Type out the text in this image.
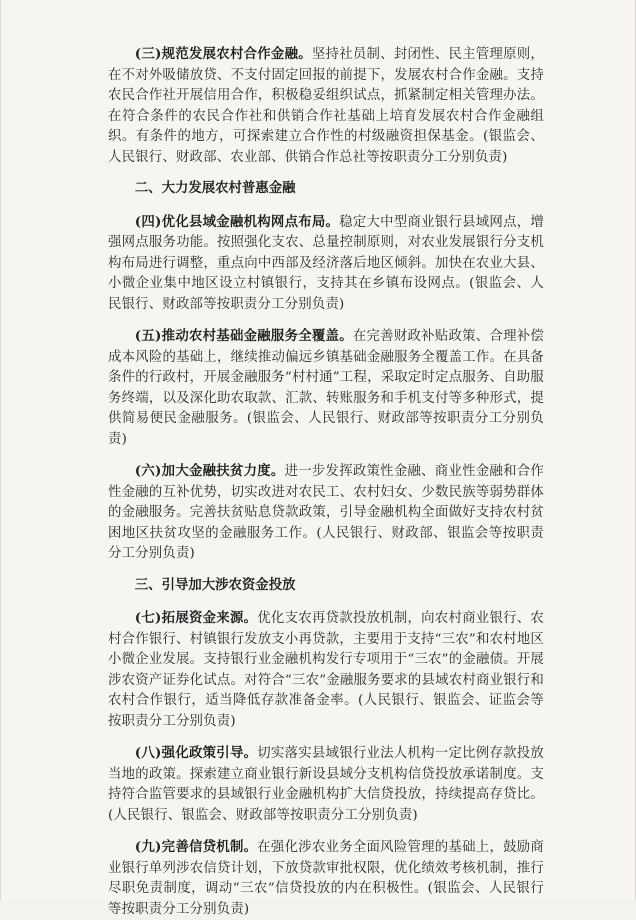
(三)规范发展农村合作金融。坚持社员制、封闭性、民主管理原则，在不对外吸储放贷、不支付固定回报的前提下，发展农村合作金融。支持农民合作社开展信用合作，积极稳妥组织试点，抓紧制定相关管理办法。在符合条件的农民合作社和供销合作社基础上培育发展农村合作金融组织。有条件的地方，可探索建立合作性的村级融资担保基金。(银监会、人民银行、财政部、农业部、供销合作总社等按职责分工分别负责)

二、大力发展农村普惠金融

(四)优化县域金融机构网点布局。稳定大中型商业银行县域网点，增强网点服务功能。按照强化支农、总量控制原则，对农业发展银行分支机构布局进行调整，重点向中西部及经济落后地区倾斜。加快在农业大县、小微企业集中地区设立村镇银行，支持其在乡镇布设网点。(银监会、人民银行、财政部等按职责分工分别负责)

(五)推动农村基础金融服务全覆盖。在完善财政补贴政策、合理补偿成本风险的基础上，继续推动偏远乡镇基础金融服务全覆盖工作。在具备条件的行政村，开展金融服务“村村通”工程，采取定时定点服务、自助服务终端，以及深化助农取款、汇款、转账服务和手机支付等多种形式，提供简易便民金融服务。(银监会、人民银行、财政部等按职责分工分别负责)

(六)加大金融扶贫力度。进一步发挥政策性金融、商业性金融和合作性金融的互补优势，切实改进对农民工、农村妇女、少数民族等弱势群体的金融服务。完善扶贫贴息贷款政策，引导金融机构全面做好支持农村贫困地区扶贫攻坚的金融服务工作。(人民银行、财政部、银监会等按职责分工分别负责)

三、引导加大涉农资金投放

(七)拓展资金来源。优化支农再贷款投放机制，向农村商业银行、农村合作银行、村镇银行发放支小再贷款，主要用于支持“三农”和农村地区小微企业发展。支持银行业金融机构发行专项用于“三农”的金融债。开展涉农资产证券化试点。对符合“三农”金融服务要求的县域农村商业银行和农村合作银行，适当降低存款准备金率。(人民银行、银监会、证监会等按职责分工分别负责)

(八)强化政策引导。切实落实县域银行业法人机构一定比例存款投放当地的政策。探索建立商业银行新设县域分支机构信贷投放承诺制度。支持符合监管要求的县域银行业金融机构扩大信贷投放，持续提高存贷比。(人民银行、银监会、财政部等按职责分工分别负责)

(九)完善信贷机制。在强化涉农业务全面风险管理的基础上，鼓励商业银行单列涉农信贷计划，下放贷款审批权限，优化绩效考核机制，推行尽职免责制度，调动“三农”信贷投放的内在积极性。(银监会、人民银行等按职责分工分别负责)
